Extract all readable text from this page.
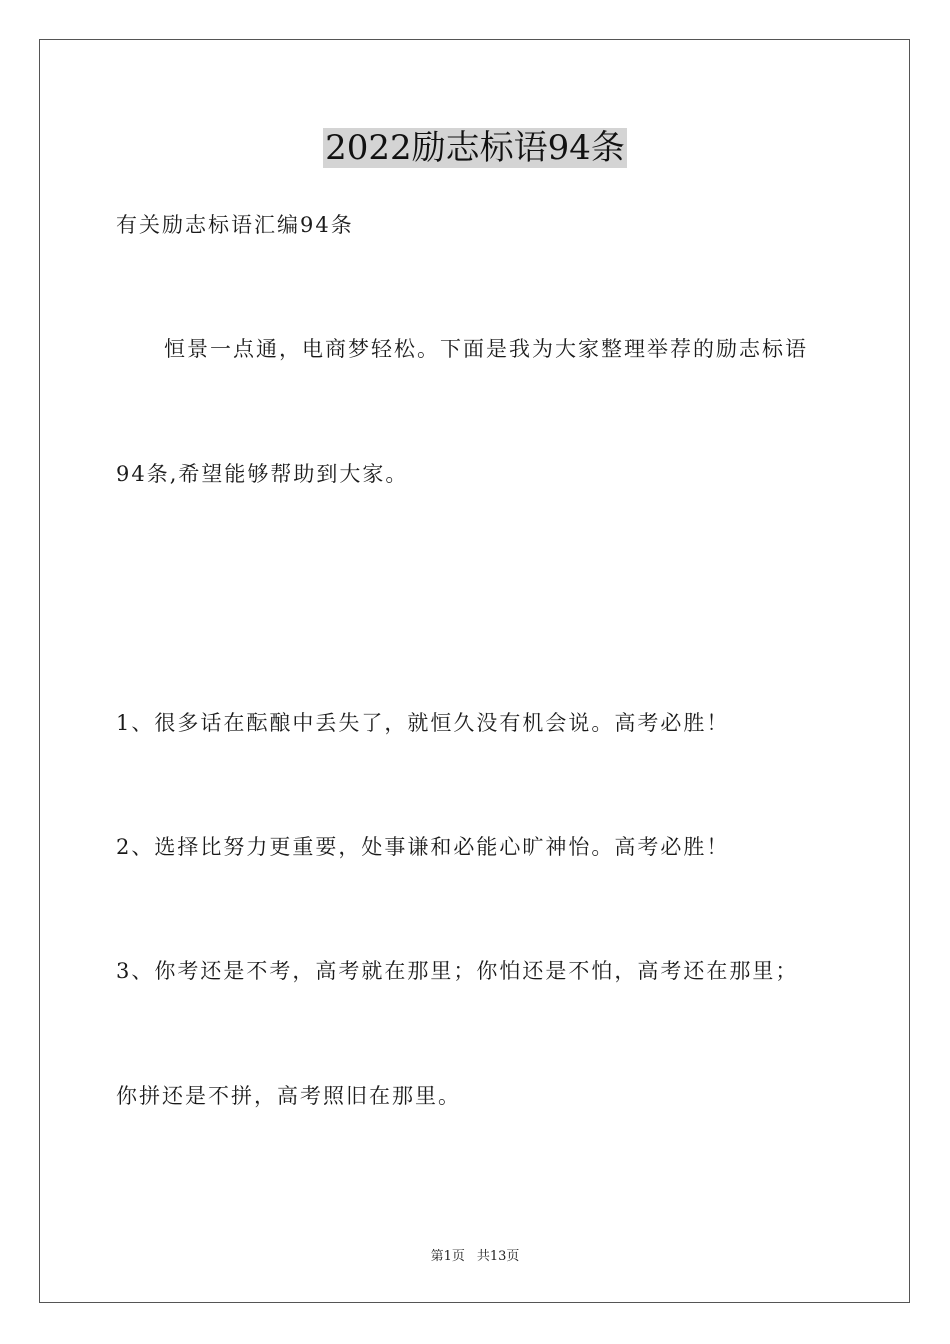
2022励志标语94条
有关励志标语汇编94条
恒景一点通，电商梦轻松。下面是我为大家整理举荐的励志标语
94条,希望能够帮助到大家。
1、很多话在酝酿中丢失了，就恒久没有机会说。高考必胜！
2、选择比努力更重要，处事谦和必能心旷神怡。高考必胜！
3、你考还是不考，高考就在那里；你怕还是不怕，高考还在那里；
你拼还是不拼，高考照旧在那里。
第1页 共13页
